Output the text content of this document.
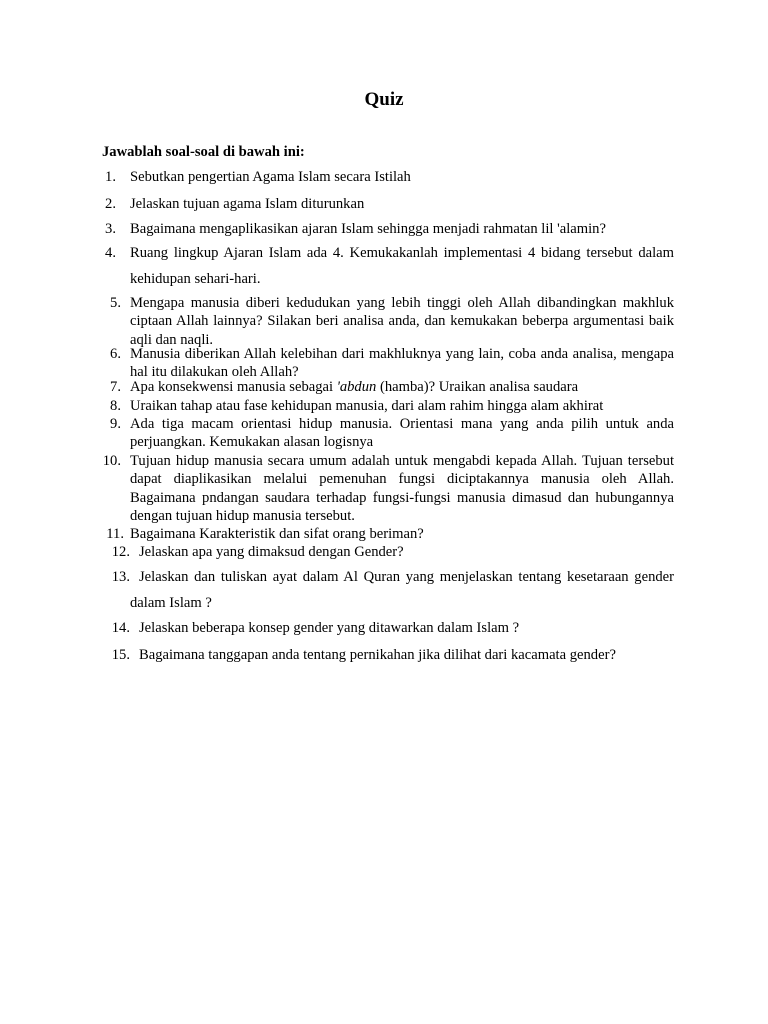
Quiz
Jawablah soal-soal di bawah ini:
1. Sebutkan pengertian Agama Islam secara Istilah
2. Jelaskan tujuan agama Islam diturunkan
3. Bagaimana mengaplikasikan ajaran Islam sehingga menjadi rahmatan lil 'alamin?
4. Ruang lingkup Ajaran Islam ada 4. Kemukakanlah implementasi 4 bidang tersebut dalam kehidupan sehari-hari.
5. Mengapa manusia diberi kedudukan yang lebih tinggi oleh Allah dibandingkan makhluk ciptaan Allah lainnya? Silakan beri analisa anda, dan kemukakan beberpa argumentasi baik aqli dan naqli.
6. Manusia diberikan Allah kelebihan dari makhluknya yang lain, coba anda analisa, mengapa hal itu dilakukan oleh Allah?
7. Apa konsekwensi manusia sebagai 'abdun (hamba)? Uraikan analisa saudara
8. Uraikan tahap atau fase kehidupan manusia, dari alam rahim hingga alam akhirat
9. Ada tiga macam orientasi hidup manusia. Orientasi mana yang anda pilih untuk anda perjuangkan. Kemukakan alasan logisnya
10. Tujuan hidup manusia secara umum adalah untuk mengabdi kepada Allah. Tujuan tersebut dapat diaplikasikan melalui pemenuhan fungsi diciptakannya manusia oleh Allah. Bagaimana pndangan saudara terhadap fungsi-fungsi manusia dimasud dan hubungannya dengan tujuan hidup manusia tersebut.
11. Bagaimana Karakteristik dan sifat orang beriman?
12. Jelaskan apa yang dimaksud dengan Gender?
13. Jelaskan dan tuliskan ayat dalam Al Quran yang menjelaskan tentang kesetaraan gender dalam Islam ?
14. Jelaskan beberapa konsep gender yang ditawarkan dalam Islam ?
15. Bagaimana tanggapan anda tentang pernikahan jika dilihat dari kacamata gender?
